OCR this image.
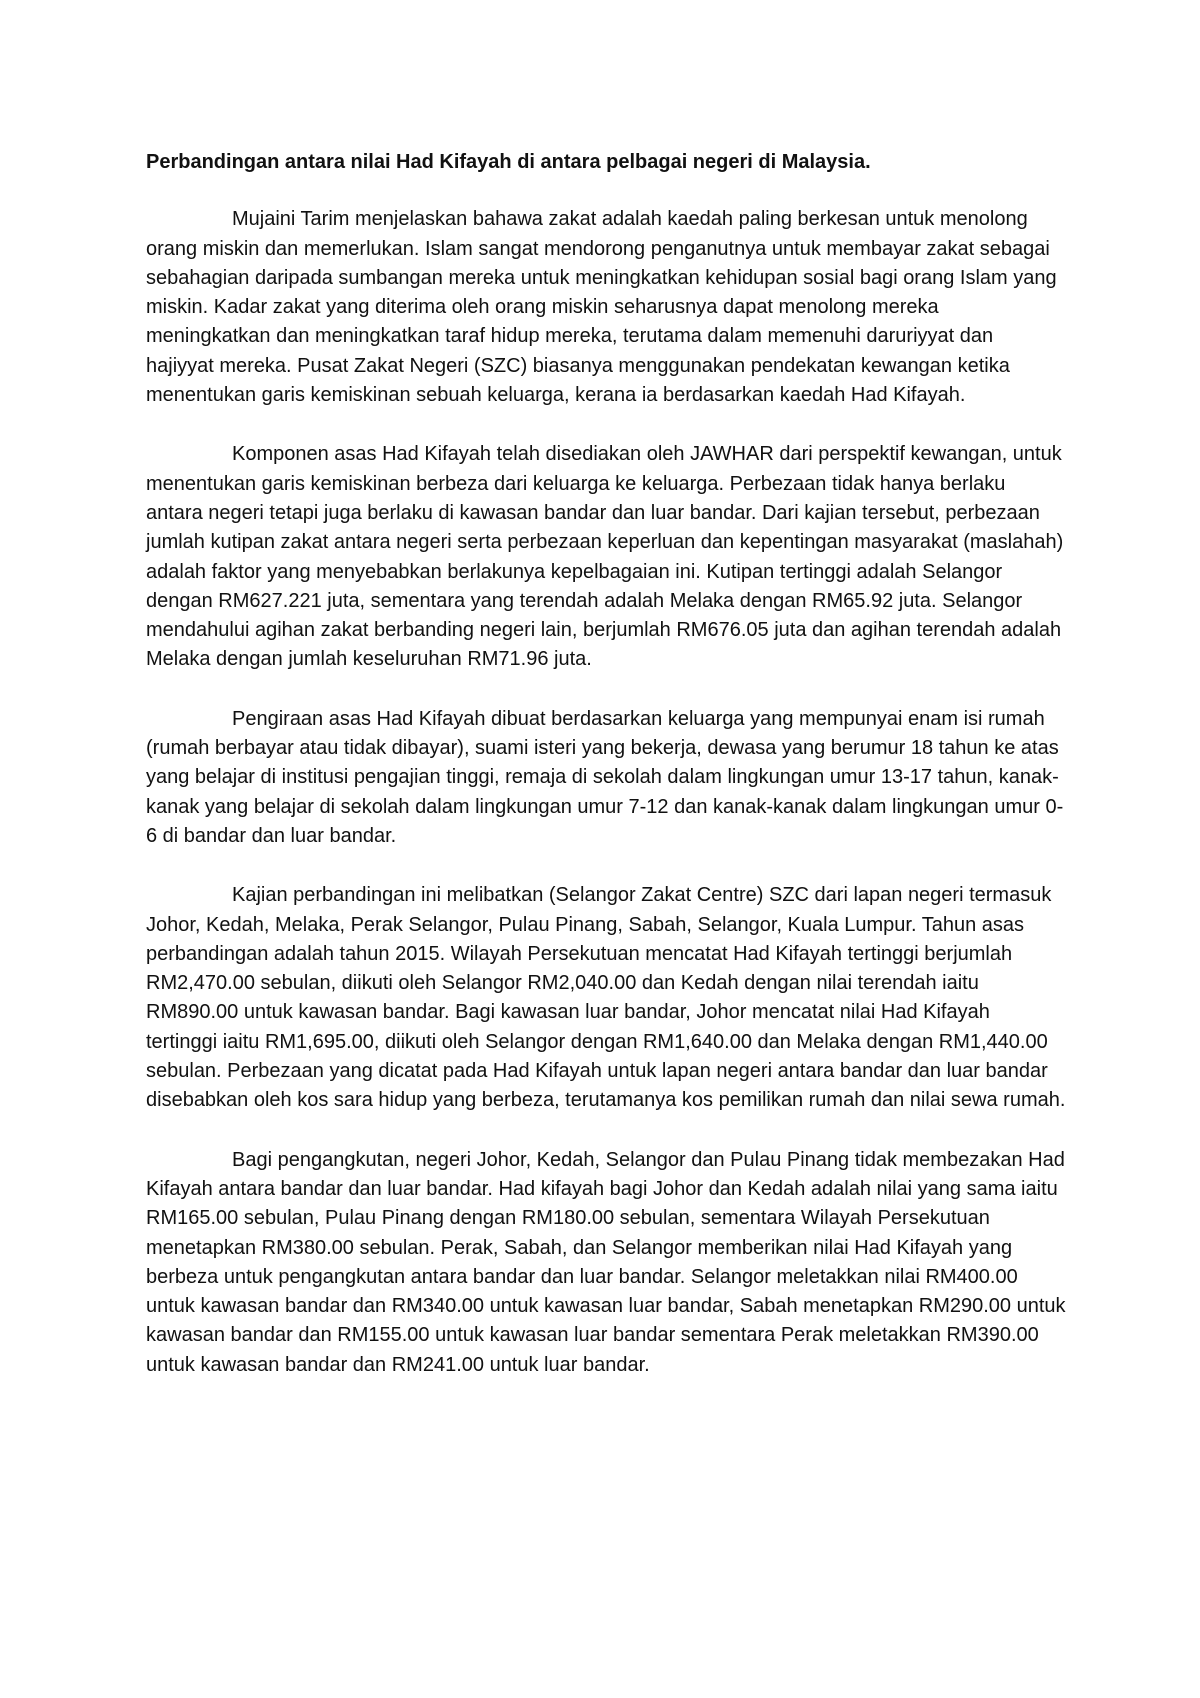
Perbandingan antara nilai Had Kifayah di antara pelbagai negeri di Malaysia.

Mujaini Tarim menjelaskan bahawa zakat adalah kaedah paling berkesan untuk menolong orang miskin dan memerlukan. Islam sangat mendorong penganutnya untuk membayar zakat sebagai sebahagian daripada sumbangan mereka untuk meningkatkan kehidupan sosial bagi orang Islam yang miskin. Kadar zakat yang diterima oleh orang miskin seharusnya dapat menolong mereka meningkatkan dan meningkatkan taraf hidup mereka, terutama dalam memenuhi daruriyyat dan hajiyyat mereka. Pusat Zakat Negeri (SZC) biasanya menggunakan pendekatan kewangan ketika menentukan garis kemiskinan sebuah keluarga, kerana ia berdasarkan kaedah Had Kifayah.

Komponen asas Had Kifayah telah disediakan oleh JAWHAR dari perspektif kewangan, untuk menentukan garis kemiskinan berbeza dari keluarga ke keluarga. Perbezaan tidak hanya berlaku antara negeri tetapi juga berlaku di kawasan bandar dan luar bandar. Dari kajian tersebut, perbezaan jumlah kutipan zakat antara negeri serta perbezaan keperluan dan kepentingan masyarakat (maslahah) adalah faktor yang menyebabkan berlakunya kepelbagaian ini. Kutipan tertinggi adalah Selangor dengan RM627.221 juta, sementara yang terendah adalah Melaka dengan RM65.92 juta. Selangor mendahului agihan zakat berbanding negeri lain, berjumlah RM676.05 juta dan agihan terendah adalah Melaka dengan jumlah keseluruhan RM71.96 juta.

Pengiraan asas Had Kifayah dibuat berdasarkan keluarga yang mempunyai enam isi rumah (rumah berbayar atau tidak dibayar), suami isteri yang bekerja, dewasa yang berumur 18 tahun ke atas yang belajar di institusi pengajian tinggi, remaja di sekolah dalam lingkungan umur 13-17 tahun, kanak-kanak yang belajar di sekolah dalam lingkungan umur 7-12 dan kanak-kanak dalam lingkungan umur 0-6 di bandar dan luar bandar.

Kajian perbandingan ini melibatkan (Selangor Zakat Centre) SZC dari lapan negeri termasuk Johor, Kedah, Melaka, Perak Selangor, Pulau Pinang, Sabah, Selangor, Kuala Lumpur. Tahun asas perbandingan adalah tahun 2015. Wilayah Persekutuan mencatat Had Kifayah tertinggi berjumlah RM2,470.00 sebulan, diikuti oleh Selangor RM2,040.00 dan Kedah dengan nilai terendah iaitu RM890.00 untuk kawasan bandar. Bagi kawasan luar bandar, Johor mencatat nilai Had Kifayah tertinggi iaitu RM1,695.00, diikuti oleh Selangor dengan RM1,640.00 dan Melaka dengan RM1,440.00 sebulan. Perbezaan yang dicatat pada Had Kifayah untuk lapan negeri antara bandar dan luar bandar disebabkan oleh kos sara hidup yang berbeza, terutamanya kos pemilikan rumah dan nilai sewa rumah.

Bagi pengangkutan, negeri Johor, Kedah, Selangor dan Pulau Pinang tidak membezakan Had Kifayah antara bandar dan luar bandar. Had kifayah bagi Johor dan Kedah adalah nilai yang sama iaitu RM165.00 sebulan, Pulau Pinang dengan RM180.00 sebulan, sementara Wilayah Persekutuan menetapkan RM380.00 sebulan. Perak, Sabah, dan Selangor memberikan nilai Had Kifayah yang berbeza untuk pengangkutan antara bandar dan luar bandar. Selangor meletakkan nilai RM400.00 untuk kawasan bandar dan RM340.00 untuk kawasan luar bandar, Sabah menetapkan RM290.00 untuk kawasan bandar dan RM155.00 untuk kawasan luar bandar sementara Perak meletakkan RM390.00 untuk kawasan bandar dan RM241.00 untuk luar bandar.
